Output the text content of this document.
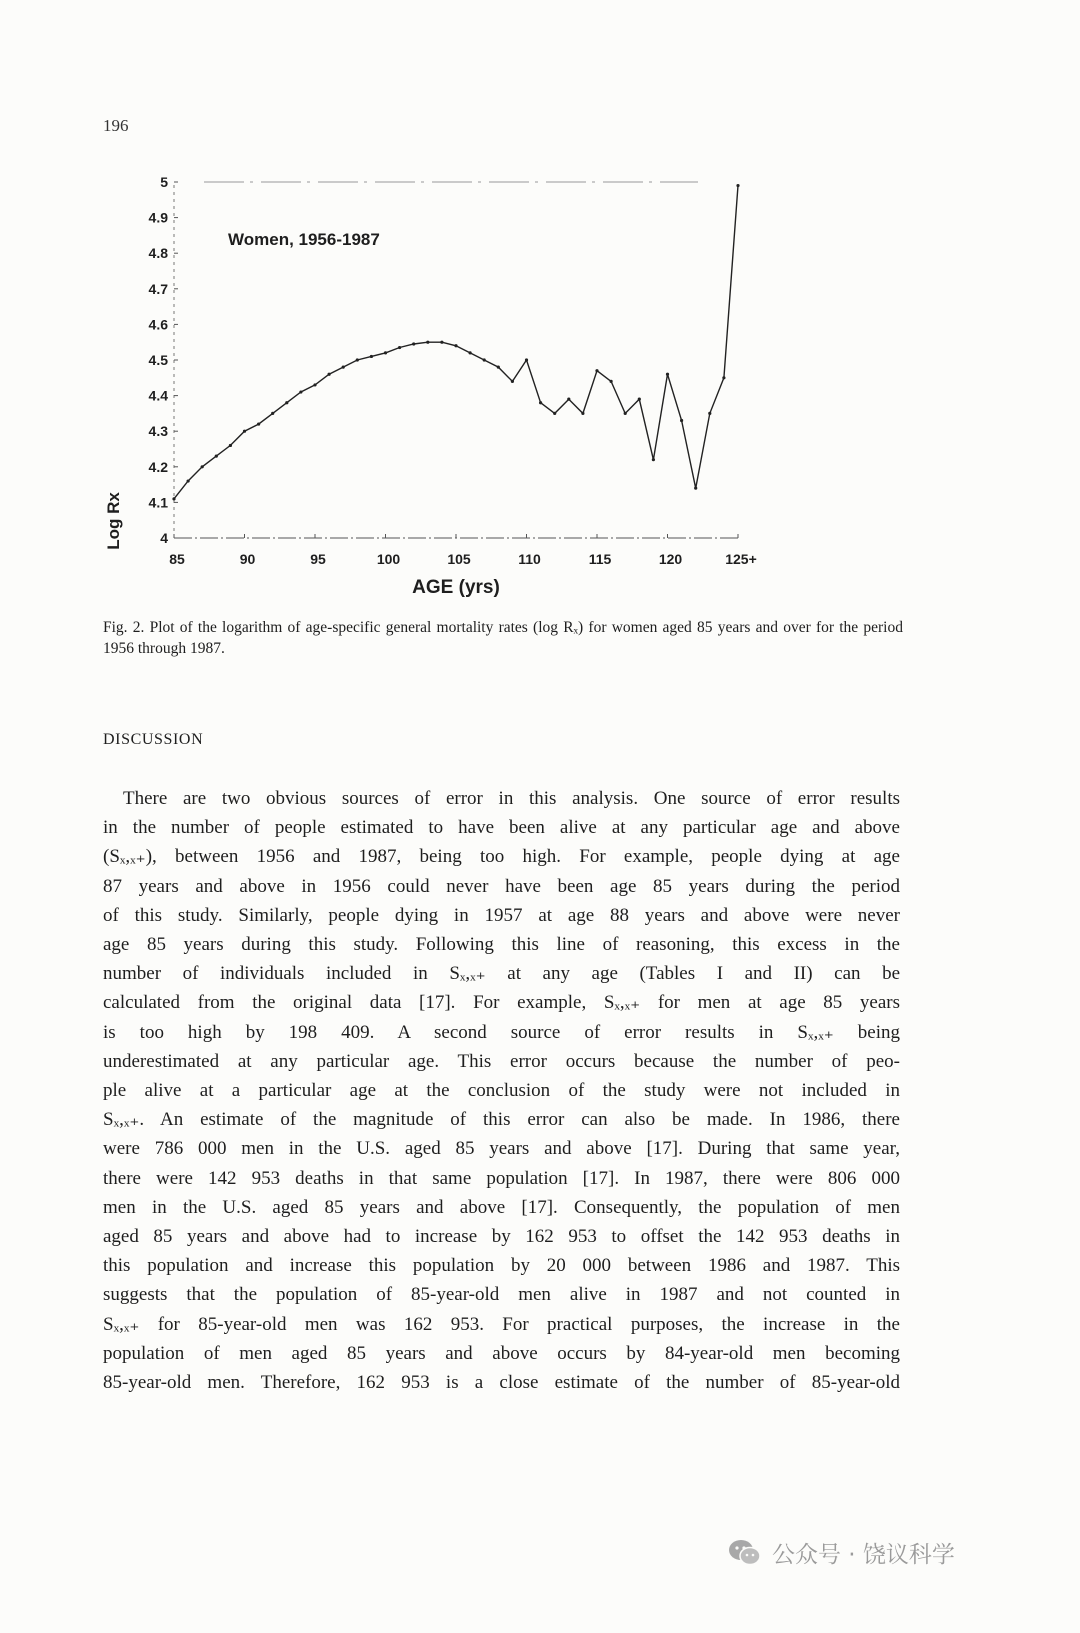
196
85	90	95	100	105	110	115	120	125+
4
4.1
4.2
4.3
4.4
4.5
4.6
4.7
4.8
4.9
5
Women, 1956-1987
AGE (yrs)
Log Rx
Fig. 2. Plot of the logarithm of age-specific general mortality rates (log Rₓ) for women aged 85 years and over for the period 1956 through 1987.
DISCUSSION
There are two obvious sources of error in this analysis. One source of error results
in the number of people estimated to have been alive at any particular age and above
(Sₓ,ₓ₊), between 1956 and 1987, being too high. For example, people dying at age
87 years and above in 1956 could never have been age 85 years during the period
of this study. Similarly, people dying in 1957 at age 88 years and above were never
age 85 years during this study. Following this line of reasoning, this excess in the
number of individuals included in Sₓ,ₓ₊ at any age (Tables I and II) can be
calculated from the original data [17]. For example, Sₓ,ₓ₊ for men at age 85 years
is too high by 198 409. A second source of error results in Sₓ,ₓ₊ being
underestimated at any particular age. This error occurs because the number of peo-
ple alive at a particular age at the conclusion of the study were not included in
Sₓ,ₓ₊. An estimate of the magnitude of this error can also be made. In 1986, there
were 786 000 men in the U.S. aged 85 years and above [17]. During that same year,
there were 142 953 deaths in that same population [17]. In 1987, there were 806 000
men in the U.S. aged 85 years and above [17]. Consequently, the population of men
aged 85 years and above had to increase by 162 953 to offset the 142 953 deaths in
this population and increase this population by 20 000 between 1986 and 1987. This
suggests that the population of 85-year-old men alive in 1987 and not counted in
Sₓ,ₓ₊ for 85-year-old men was 162 953. For practical purposes, the increase in the
population of men aged 85 years and above occurs by 84-year-old men becoming
85-year-old men. Therefore, 162 953 is a close estimate of the number of 85-year-old
公众号 · 饶议科学
